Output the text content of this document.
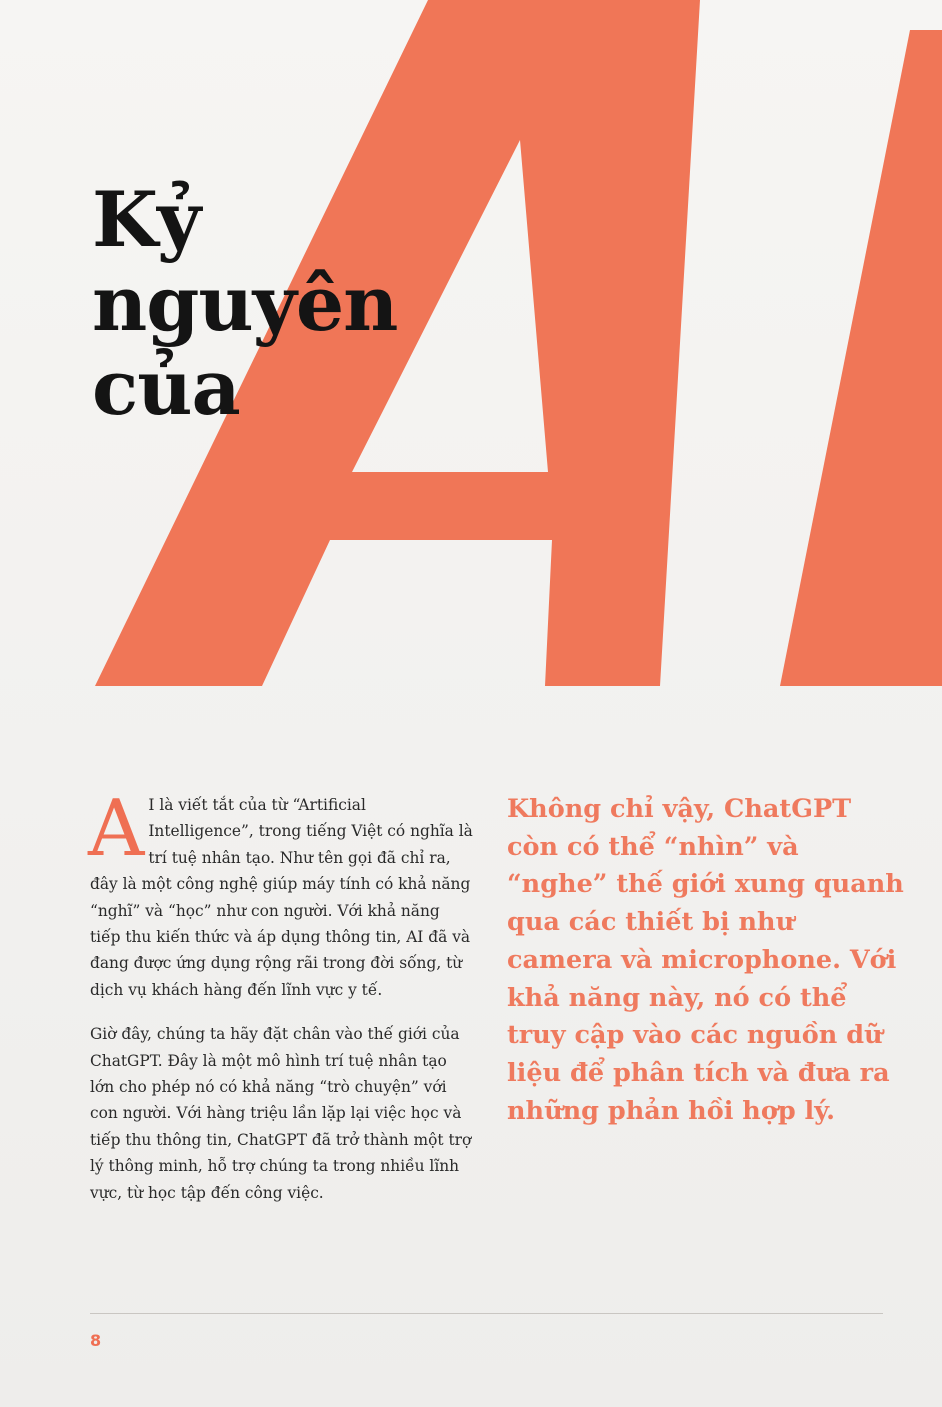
Kỷ
nguyên
của

A I là viết tắt của từ “Artificial Intelligence”, trong tiếng Việt có nghĩa là trí tuệ nhân tạo. Như tên gọi đã chỉ ra, đây là một công nghệ giúp máy tính có khả năng “nghĩ” và “học” như con người. Với khả năng tiếp thu kiến thức và áp dụng thông tin, AI đã và đang được ứng dụng rộng rãi trong đời sống, từ dịch vụ khách hàng đến lĩnh vực y tế.

Giờ đây, chúng ta hãy đặt chân vào thế giới của ChatGPT. Đây là một mô hình trí tuệ nhân tạo lớn cho phép nó có khả năng “trò chuyện” với con người. Với hàng triệu lần lặp lại việc học và tiếp thu thông tin, ChatGPT đã trở thành một trợ lý thông minh, hỗ trợ chúng ta trong nhiều lĩnh vực, từ học tập đến công việc.

Không chỉ vậy, ChatGPT còn có thể “nhìn” và “nghe” thế giới xung quanh qua các thiết bị như camera và microphone. Với khả năng này, nó có thể truy cập vào các nguồn dữ liệu để phân tích và đưa ra những phản hồi hợp lý.
8
